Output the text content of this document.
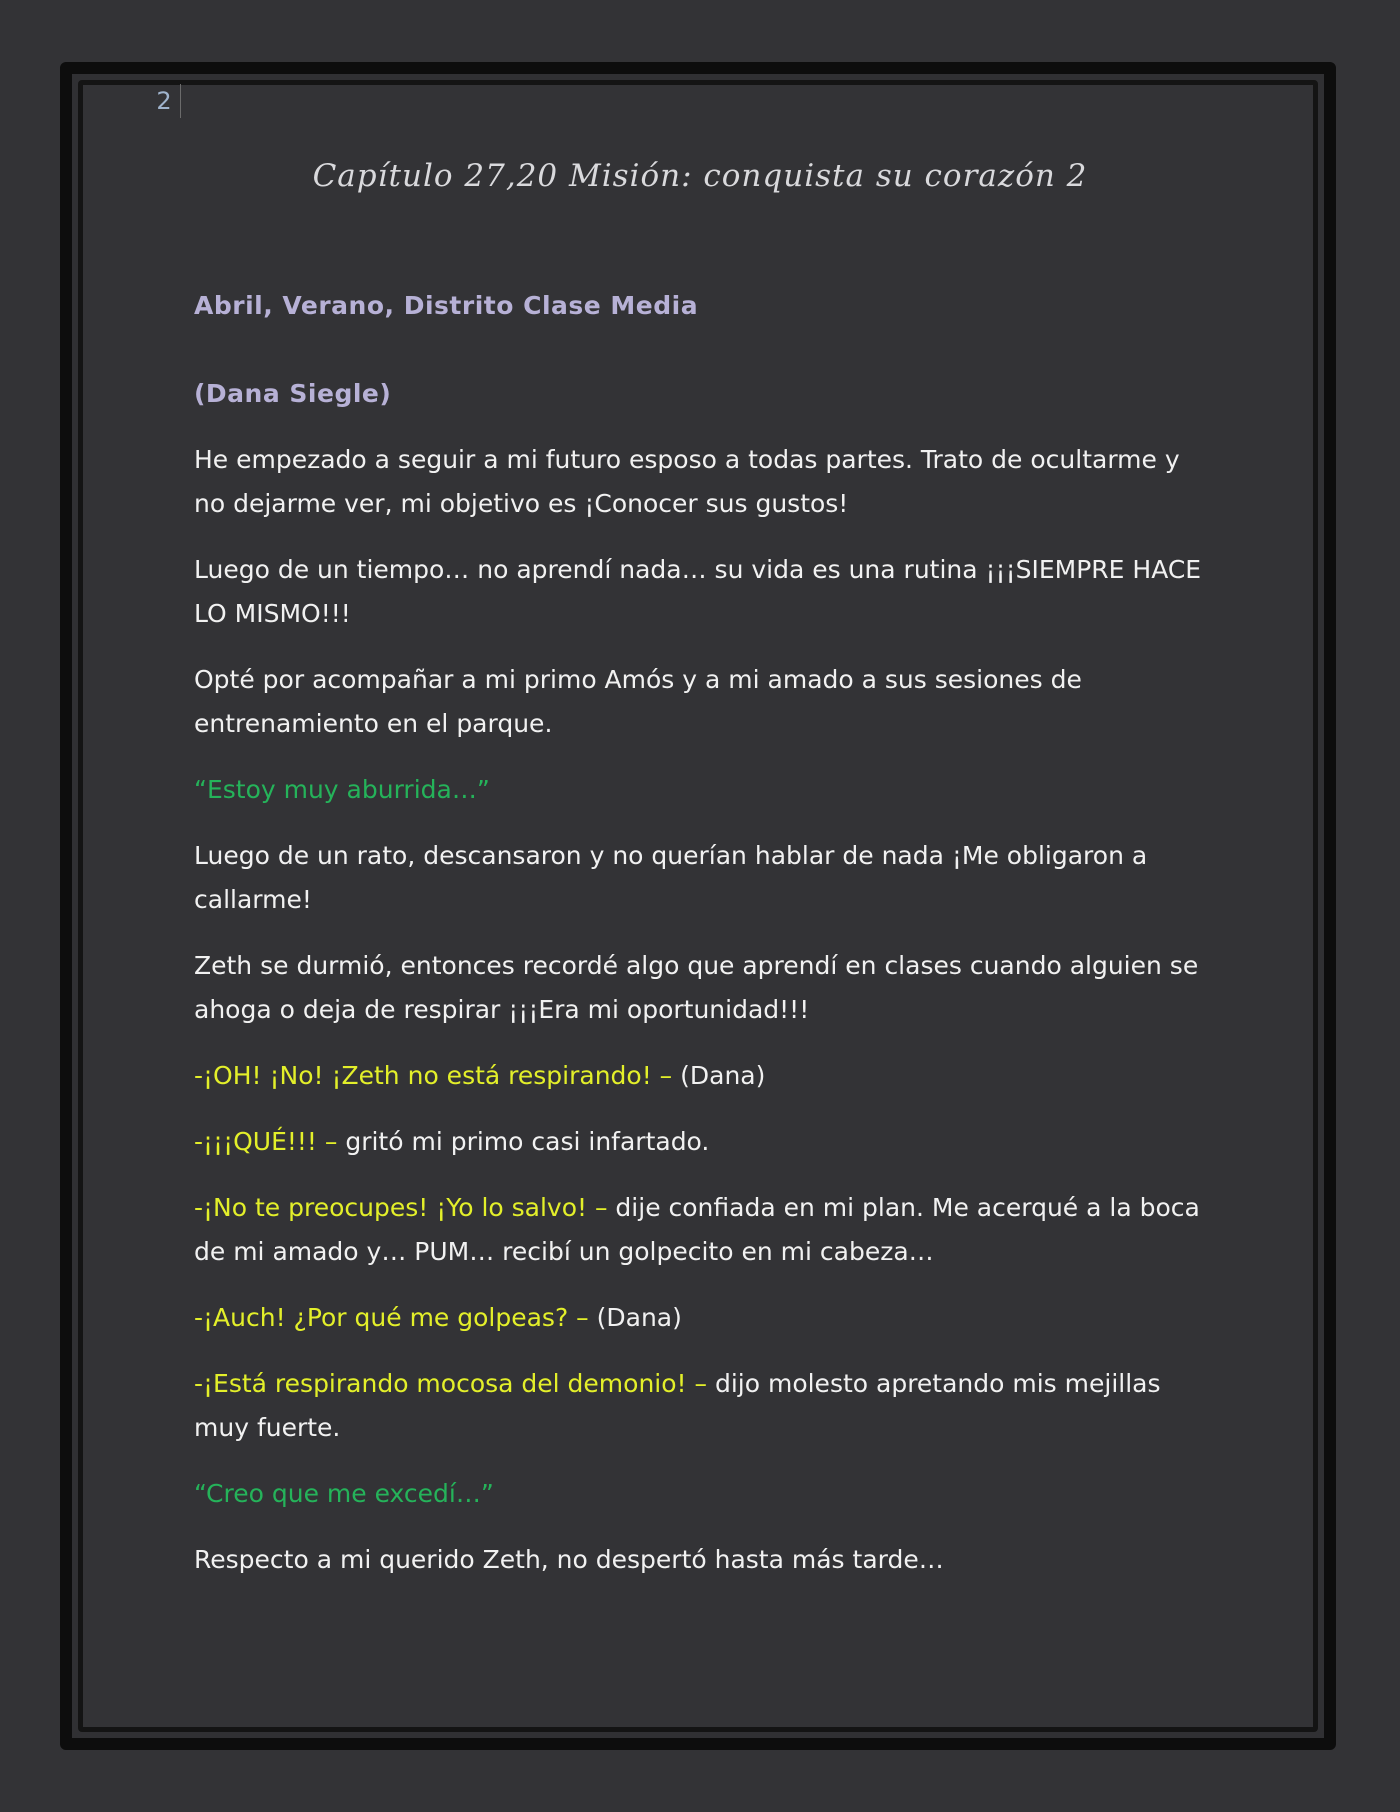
2
Capítulo 27,20 Misión: conquista su corazón 2

Abril, Verano, Distrito Clase Media

(Dana Siegle)

He empezado a seguir a mi futuro esposo a todas partes. Trato de ocultarme y no dejarme ver, mi objetivo es ¡Conocer sus gustos!

Luego de un tiempo… no aprendí nada… su vida es una rutina ¡¡¡SIEMPRE HACE LO MISMO!!!

Opté por acompañar a mi primo Amós y a mi amado a sus sesiones de entrenamiento en el parque.

“Estoy muy aburrida…”

Luego de un rato, descansaron y no querían hablar de nada ¡Me obligaron a callarme!

Zeth se durmió, entonces recordé algo que aprendí en clases cuando alguien se ahoga o deja de respirar ¡¡¡Era mi oportunidad!!!

-¡OH! ¡No! ¡Zeth no está respirando! – (Dana)

-¡¡¡QUÉ!!! – gritó mi primo casi infartado.

-¡No te preocupes! ¡Yo lo salvo! – dije confiada en mi plan. Me acerqué a la boca de mi amado y… PUM… recibí un golpecito en mi cabeza…

-¡Auch! ¿Por qué me golpeas? – (Dana)

-¡Está respirando mocosa del demonio! – dijo molesto apretando mis mejillas muy fuerte.

“Creo que me excedí…”

Respecto a mi querido Zeth, no despertó hasta más tarde…
